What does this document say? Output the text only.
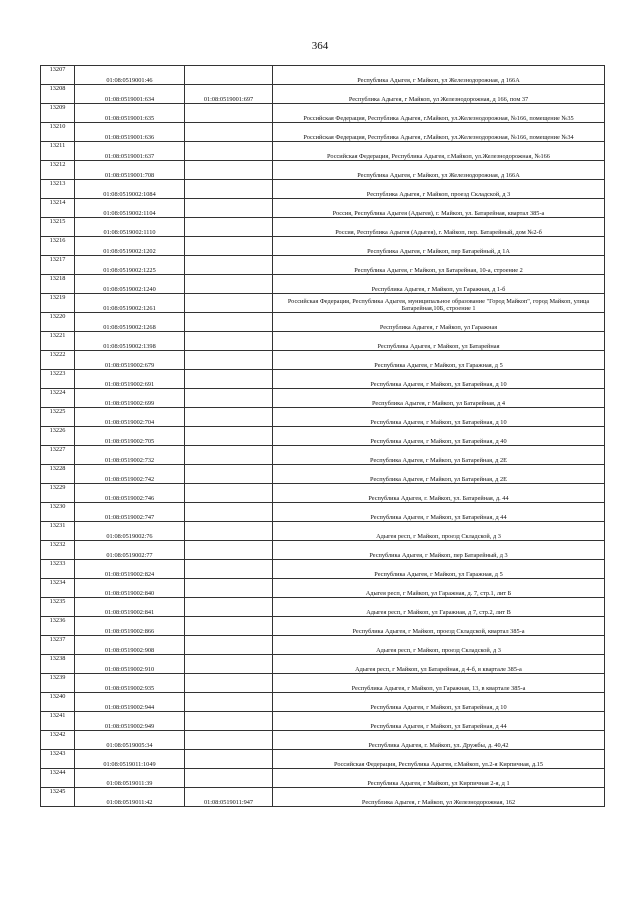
364
13207	01:08:0519001:46		Республика Адыгея, г Майкоп, ул Железнодорожная, д 166А
13208	01:08:0519001:634	01:08:0519001:697	Республика Адыгея, г Майкоп, ул Железнодорожная, д 166, пом 37
13209	01:08:0519001:635		Российская Федерация, Республика Адыгея, г.Майкоп, ул.Железнодорожная, №166, помещение №35
13210	01:08:0519001:636		Российская Федерация, Республика Адыгея, г.Майкоп, ул.Железнодорожная, №166, помещение №34
13211	01:08:0519001:637		Российская Федерация, Республика Адыгея, г.Майкоп, ул.Железнодорожная, №166
13212	01:08:0519001:708		Республика Адыгея, г Майкоп, ул Железнодорожная, д 166А
13213	01:08:0519002:1084		Республика Адыгея, г Майкоп, проезд Складской, д 3
13214	01:08:0519002:1104		Россия, Республика Адыгея (Адыгея), г. Майкоп, ул. Батарейная, квартал 385-а
13215	01:08:0519002:1110		Россия, Республика Адыгея (Адыгея), г. Майкоп, пер. Батарейный, дом №2-б
13216	01:08:0519002:1202		Республика Адыгея, г Майкоп, пер Батарейный, д 1А
13217	01:08:0519002:1225		Республика Адыгея, г Майкоп, ул Батарейная, 10-а, строение 2
13218	01:08:0519002:1240		Республика Адыгея, г Майкоп, ул Гаражная, д 1-б
13219	01:08:0519002:1261		Российская Федерация, Республика Адыгея, муниципальное образование "Город Майкоп", город Майкоп, улица Батарейная,10Б, строение 1
13220	01:08:0519002:1268		Республика Адыгея, г Майкоп, ул Гаражная
13221	01:08:0519002:1398		Республика Адыгея, г Майкоп, ул Батарейная
13222	01:08:0519002:679		Республика Адыгея, г Майкоп, ул Гаражная, д 5
13223	01:08:0519002:691		Республика Адыгея, г Майкоп, ул Батарейная, д 10
13224	01:08:0519002:699		Республика Адыгея, г Майкоп, ул Батарейная, д 4
13225	01:08:0519002:704		Республика Адыгея, г Майкоп, ул Батарейная, д 10
13226	01:08:0519002:705		Республика Адыгея, г Майкоп, ул Батарейная, д 40
13227	01:08:0519002:732		Республика Адыгея, г Майкоп, ул Батарейная, д 2Е
13228	01:08:0519002:742		Республика Адыгея, г Майкоп, ул Батарейная, д 2Е
13229	01:08:0519002:746		Республика Адыгея, г. Майкоп, ул. Батарейная, д. 44
13230	01:08:0519002:747		Республика Адыгея, г Майкоп, ул Батарейная, д 44
13231	01:08:0519002:76		Адыгея респ, г Майкоп, проезд Складской, д 3
13232	01:08:0519002:77		Республика Адыгея, г Майкоп, пер Батарейный, д 3
13233	01:08:0519002:824		Республика Адыгея, г Майкоп, ул Гаражная, д 5
13234	01:08:0519002:840		Адыгея респ, г Майкоп, ул Гаражная, д. 7, стр.1, лит Б
13235	01:08:0519002:841		Адыгея респ, г Майкоп, ул Гаражная, д 7, стр.2, лит В
13236	01:08:0519002:866		Республика Адыгея, г Майкоп, проезд Складской, квартал 385-а
13237	01:08:0519002:908		Адыгея респ, г Майкоп, проезд Складской, д 3
13238	01:08:0519002:910		Адыгея респ, г Майкоп, ул Батарейная, д 4-б, в квартале 385-а
13239	01:08:0519002:935		Республика Адыгея, г Майкоп, ул Гаражная, 13, в квартале 385-а
13240	01:08:0519002:944		Республика Адыгея, г Майкоп, ул Батарейная, д 10
13241	01:08:0519002:949		Республика Адыгея, г Майкоп, ул Батарейная, д 44
13242	01:08:0519005:34		Республика Адыгея, г. Майкоп, ул. Дружбы, д. 40,42
13243	01:08:0519011:1049		Российская Федерация, Республика Адыгея, г.Майкоп, ул.2-я Кирпичная, д.15
13244	01:08:0519011:39		Республика Адыгея, г Майкоп, ул Кирпичная 2-я, д 1
13245	01:08:0519011:42	01:08:0519011:947	Республика Адыгея, г Майкоп, ул Железнодорожная, 162
